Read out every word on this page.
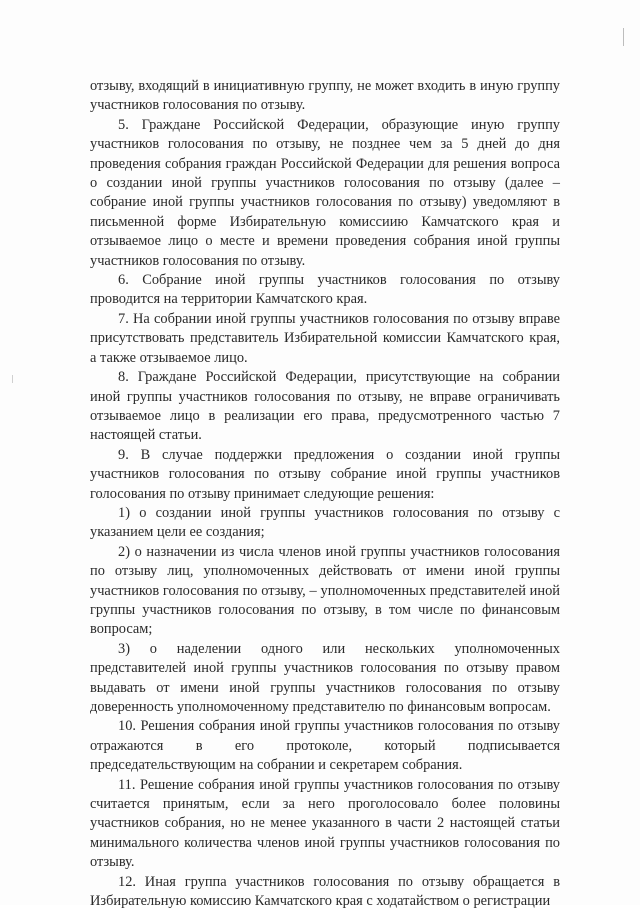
отзыву, входящий в инициативную группу, не может входить в иную группу участников голосования по отзыву.

5. Граждане Российской Федерации, образующие иную группу участников голосования по отзыву, не позднее чем за 5 дней до дня проведения собрания граждан Российской Федерации для решения вопроса о создании иной группы участников голосования по отзыву (далее – собрание иной группы участников голосования по отзыву) уведомляют в письменной форме Избирательную комиссиию Камчатского края и отзываемое лицо о месте и времени проведения собрания иной группы участников голосования по отзыву.

6. Собрание иной группы участников голосования по отзыву проводится на территории Камчатского края.

7. На собрании иной группы участников голосования по отзыву вправе присутствовать представитель Избирательной комиссии Камчатского края, а также отзываемое лицо.

8. Граждане Российской Федерации, присутствующие на собрании иной группы участников голосования по отзыву, не вправе ограничивать отзываемое лицо в реализации его права, предусмотренного частью 7 настоящей статьи.

9. В случае поддержки предложения о создании иной группы участников голосования по отзыву собрание иной группы участников голосования по отзыву принимает следующие решения:

1) о создании иной группы участников голосования по отзыву с указанием цели ее создания;

2) о назначении из числа членов иной группы участников голосования по отзыву лиц, уполномоченных действовать от имени иной группы участников голосования по отзыву, – уполномоченных представителей иной группы участников голосования по отзыву, в том числе по финансовым вопросам;

3) о наделении одного или нескольких уполномоченных представителей иной группы участников голосования по отзыву правом выдавать от имени иной группы участников голосования по отзыву доверенность уполномоченному представителю по финансовым вопросам.

10. Решения собрания иной группы участников голосования по отзыву отражаются в его протоколе, который подписывается председательствующим на собрании и секретарем собрания.

11. Решение собрания иной группы участников голосования по отзыву считается принятым, если за него проголосовало более половины участников собрания, но не менее указанного в части 2 настоящей статьи минимального количества членов иной группы участников голосования по отзыву.

12. Иная группа участников голосования по отзыву обращается в Избирательную комиссию Камчатского края с ходатайством о регистрации
